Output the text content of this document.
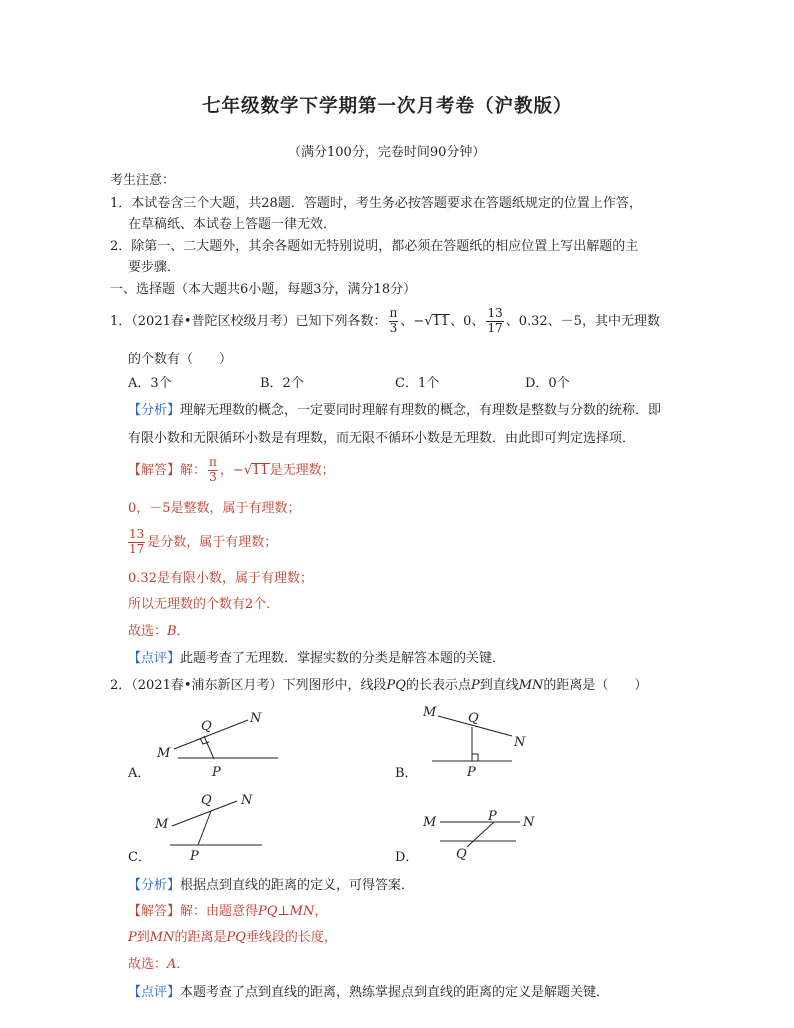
七年级数学下学期第一次月考卷（沪教版）
（满分100分，完卷时间90分钟）
考生注意：
1．本试卷含三个大题，共28题．答题时，考生务必按答题要求在答题纸规定的位置上作答，
在草稿纸、本试卷上答题一律无效．
2．除第一、二大题外，其余各题如无特别说明，都必须在答题纸的相应位置上写出解题的主
要步骤．
一、选择题（本大题共6小题，每题3分，满分18分）
1．（2021春•普陀区校级月考）已知下列各数： $\frac{\pi}{3}$ 、− √11 、0、 $\frac{13}{17}$ 、0.32、－5，其中无理数
的个数有（　　）
A．3个	B．2个	C．1个	D．0个
【分析】理解无理数的概念，一定要同时理解有理数的概念，有理数是整数与分数的统称．即
有限小数和无限循环小数是有理数，而无限不循环小数是无理数．由此即可判定选择项．
【解答】 解： $\frac{\pi}{3}$ ，− √11 是无理数；
0，－5是整数，属于有理数；
$\frac{13}{17}$ 是分数，属于有理数；
0.32是有限小数，属于有理数；
所以无理数的个数有2个．
故选：B．
【点评】此题考查了无理数．掌握实数的分类是解答本题的关键．
2．（2021春•浦东新区月考）下列图形中，线段PQ的长表示点P到直线MN的距离是（　　）
Q
N
M
P
M Q
N
P
Q N
M
P
M	P N
Q
A．	B．
C．	D．
【分析】根据点到直线的距离的定义，可得答案．
【解答】解：由题意得PQ⊥MN，
P到MN的距离是PQ垂线段的长度，
故选：A．
【点评】本题考查了点到直线的距离，熟练掌握点到直线的距离的定义是解题关键．
